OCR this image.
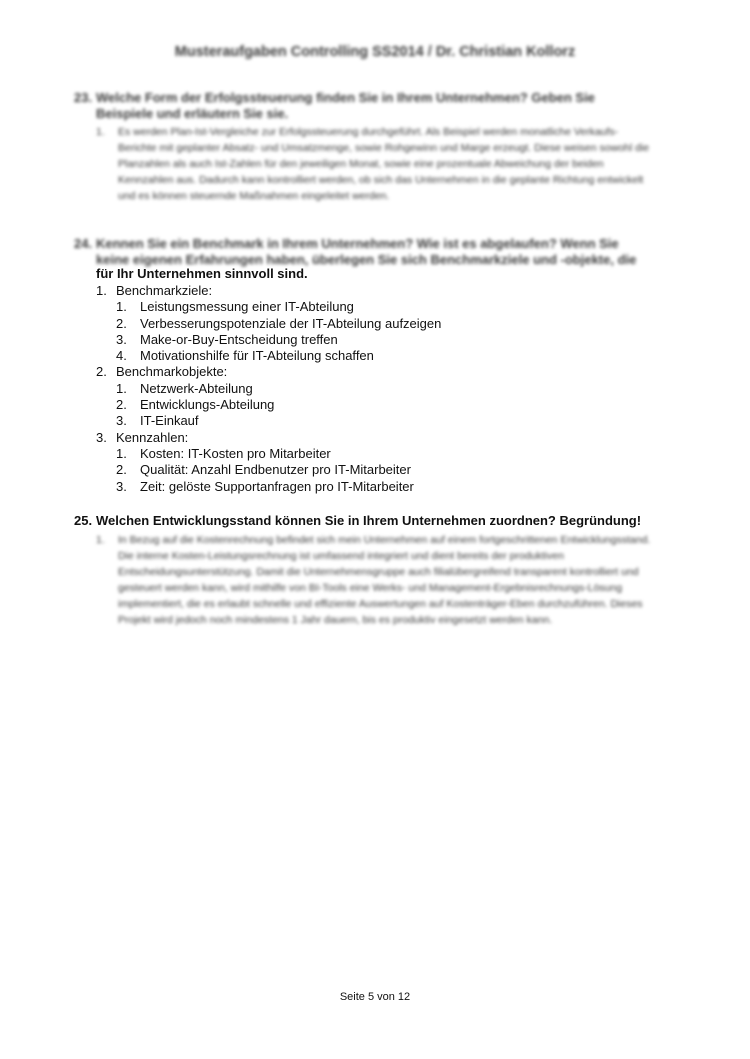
Musteraufgaben Controlling SS2014 / Dr. Christian Kollorz
23. Welche Form der Erfolgssteuerung finden Sie in Ihrem Unternehmen? Geben Sie
Beispiele und erläutern Sie sie.
1. Es werden Plan-Ist-Vergleiche zur Erfolgssteuerung durchgeführt. Als Beispiel werden monatliche Verkaufs-Berichte mit geplanter Absatz- und Umsatzmenge, sowie Rohgewinn und Marge erzeugt. Diese weisen sowohl die Planzahlen als auch Ist-Zahlen für den jeweiligen Monat, sowie eine prozentuale Abweichung der beiden Kennzahlen aus. Dadurch kann kontrolliert werden, ob sich das Unternehmen in die geplante Richtung entwickelt und es können steuernde Maßnahmen eingeleitet werden.
24. Kennen Sie ein Benchmark in Ihrem Unternehmen? Wie ist es abgelaufen? Wenn Sie
keine eigenen Erfahrungen haben, überlegen Sie sich Benchmarkziele und -objekte, die
für Ihr Unternehmen sinnvoll sind.
1. Benchmarkziele:
1. Leistungsmessung einer IT-Abteilung
2. Verbesserungspotenziale der IT-Abteilung aufzeigen
3. Make-or-Buy-Entscheidung treffen
4. Motivationshilfe für IT-Abteilung schaffen
2. Benchmarkobjekte:
1. Netzwerk-Abteilung
2. Entwicklungs-Abteilung
3. IT-Einkauf
3. Kennzahlen:
1. Kosten: IT-Kosten pro Mitarbeiter
2. Qualität: Anzahl Endbenutzer pro IT-Mitarbeiter
3. Zeit: gelöste Supportanfragen pro IT-Mitarbeiter
25. Welchen Entwicklungsstand können Sie in Ihrem Unternehmen zuordnen? Begründung!
1. In Bezug auf die Kostenrechnung befindet sich mein Unternehmen auf einem fortgeschrittenen Entwicklungsstand. Die interne Kosten-Leistungsrechnung ist umfassend integriert und dient bereits der produktiven Entscheidungsunterstützung. Damit die Unternehmensgruppe auch filialübergreifend transparent kontrolliert und gesteuert werden kann, wird mithilfe von BI-Tools eine Werks- und Management-Ergebnisrechnungs-Lösung implementiert, die es erlaubt schnelle und effiziente Auswertungen auf Kostenträger-Eben durchzuführen. Dieses Projekt wird jedoch noch mindestens 1 Jahr dauern, bis es produktiv eingesetzt werden kann.
Seite 5 von 12
